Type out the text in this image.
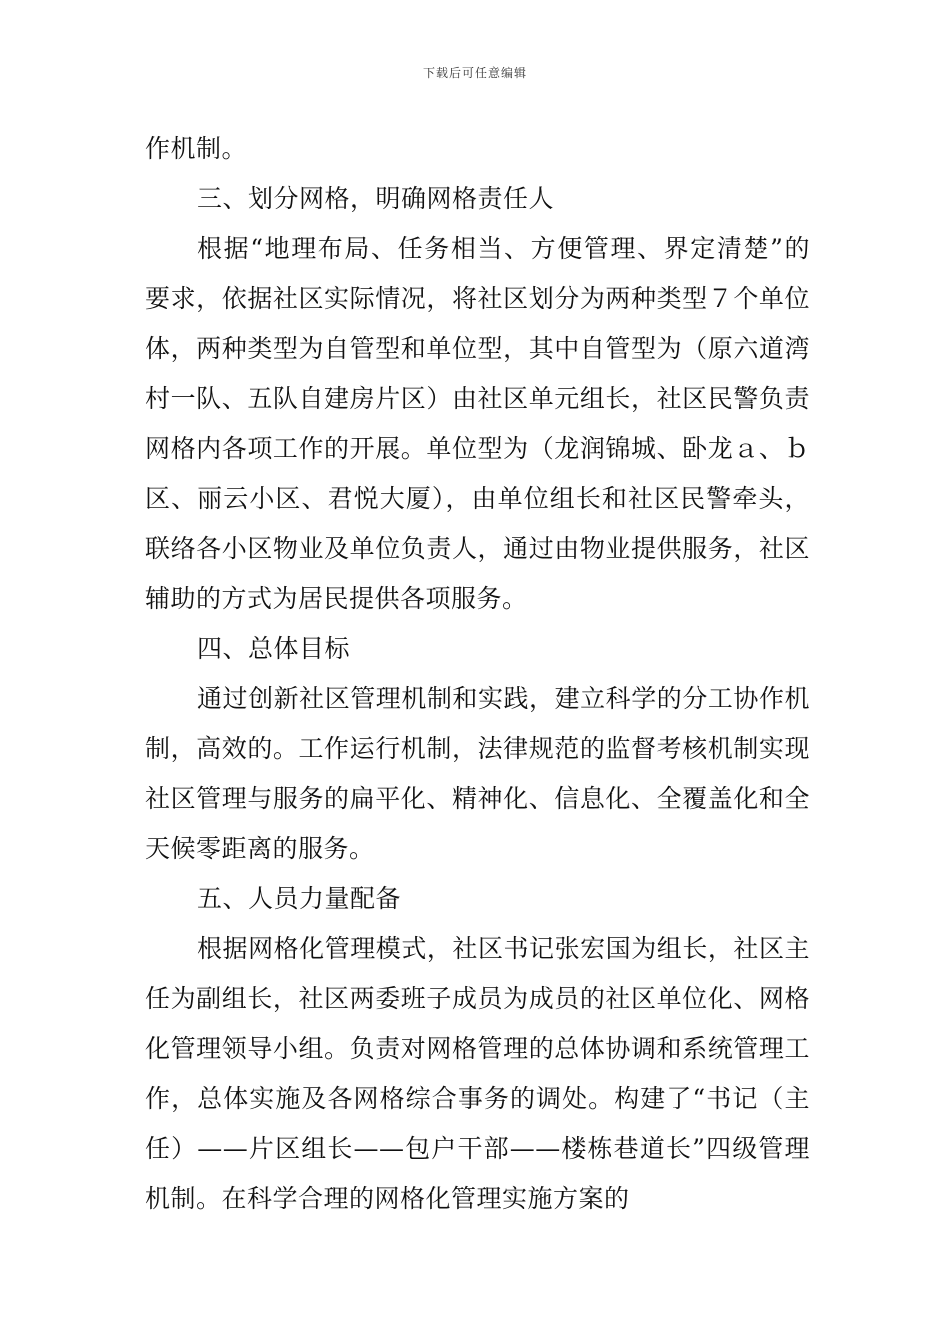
下载后可任意编辑

作机制。

三、划分网格，明确网格责任人

根据“地理布局、任务相当、方便管理、界定清楚”的要求，依据社区实际情况，将社区划分为两种类型７个单位体，两种类型为自管型和单位型，其中自管型为（原六道湾村一队、五队自建房片区）由社区单元组长，社区民警负责网格内各项工作的开展。单位型为（龙润锦城、卧龙ａ、ｂ区、丽云小区、君悦大厦），由单位组长和社区民警牵头，联络各小区物业及单位负责人，通过由物业提供服务，社区辅助的方式为居民提供各项服务。

四、总体目标

通过创新社区管理机制和实践，建立科学的分工协作机制，高效的。工作运行机制，法律规范的监督考核机制实现社区管理与服务的扁平化、精神化、信息化、全覆盖化和全天候零距离的服务。

五、人员力量配备

根据网格化管理模式，社区书记张宏国为组长，社区主任为副组长，社区两委班子成员为成员的社区单位化、网格化管理领导小组。负责对网格管理的总体协调和系统管理工作，总体实施及各网格综合事务的调处。构建了“书记（主任）——片区组长——包户干部——楼栋巷道长”四级管理机制。在科学合理的网格化管理实施方案的
